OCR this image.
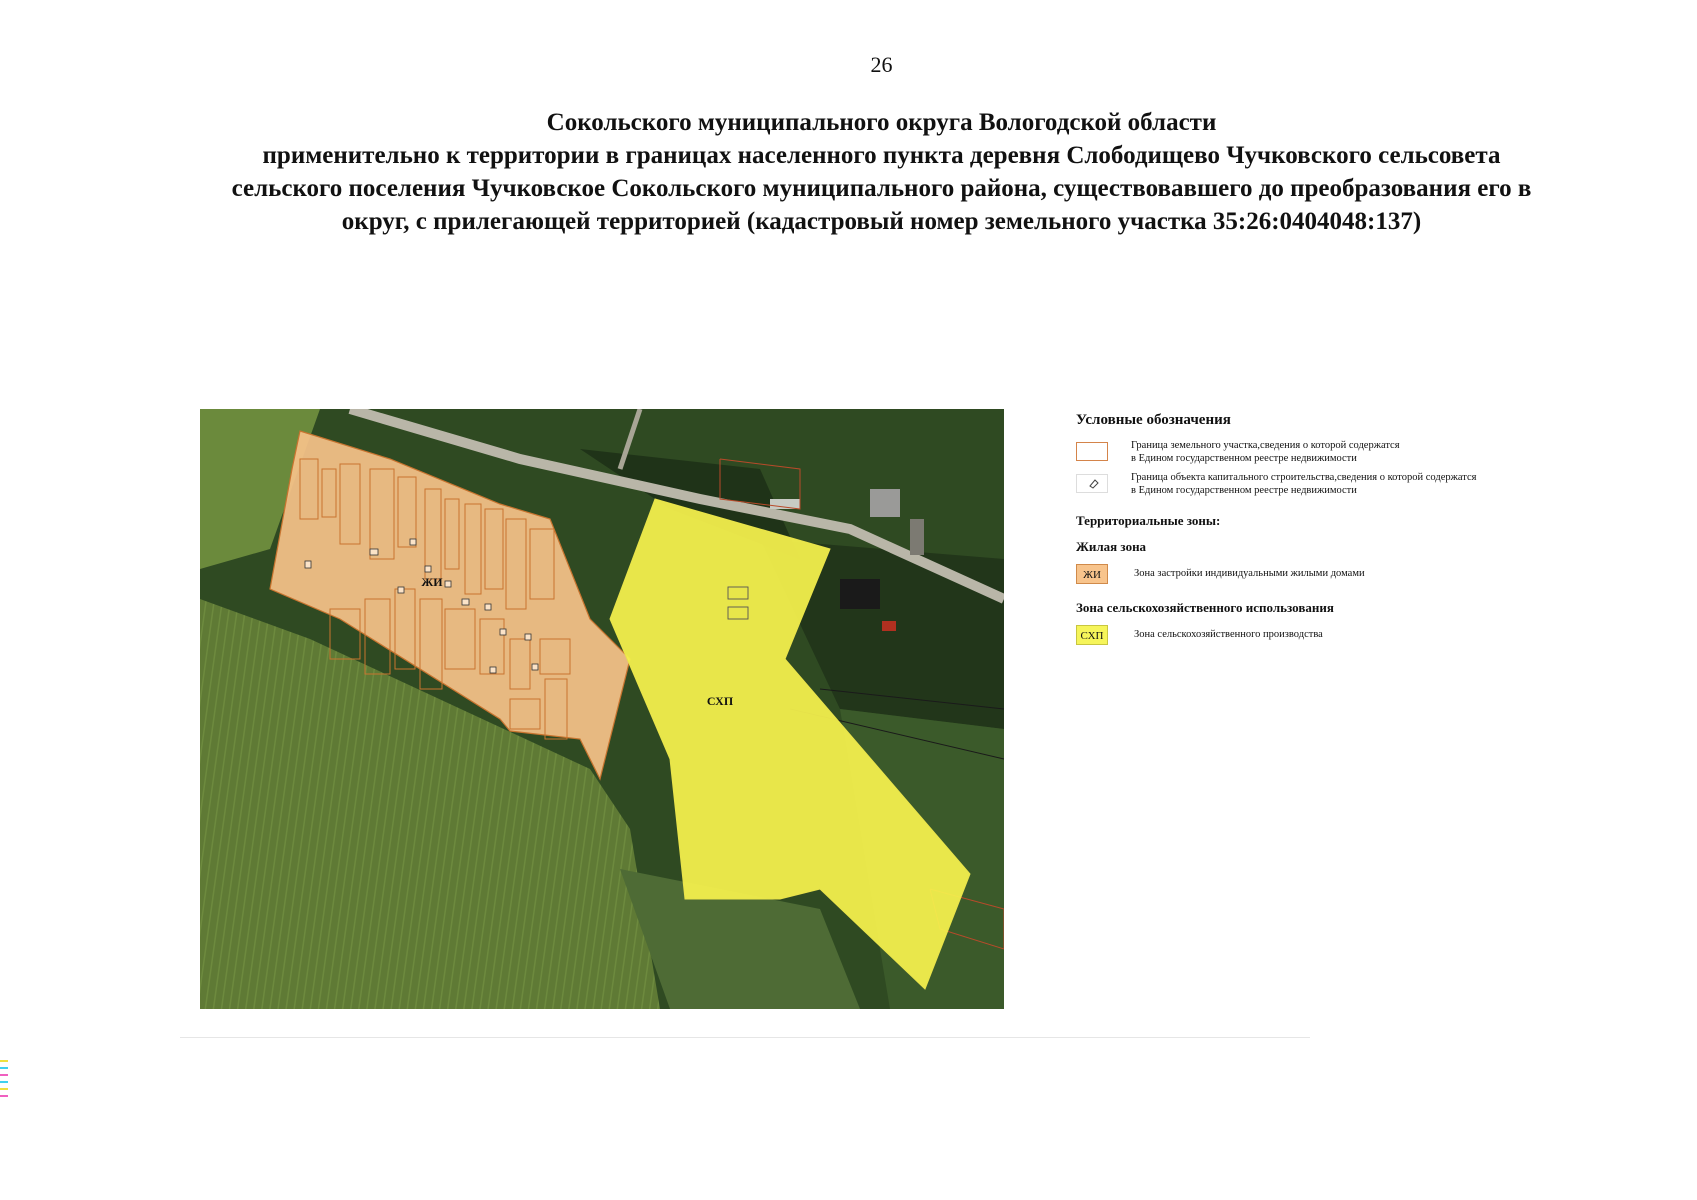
26
Сокольского муниципального округа Вологодской области
применительно к территории в границах населенного пункта деревня Слободищево Чучковского сельсовета
сельского поселения Чучковское Сокольского муниципального района, существовавшего до преобразования его в
округ, с прилегающей территорией (кадастровый номер земельного участка 35:26:0404048:137)
ЖИ
СХП
Условные обозначения
Граница земельного участка,сведения о которой содержатся
в Едином государственном реестре недвижимости
Граница объекта капитального строительства,сведения о которой содержатся
в Едином государственном реестре недвижимости
Территориальные зоны:
Жилая зона
ЖИ	Зона застройки индивидуальными жилыми домами
Зона сельскохозяйственного использования
СХП	Зона сельскохозяйственного производства
